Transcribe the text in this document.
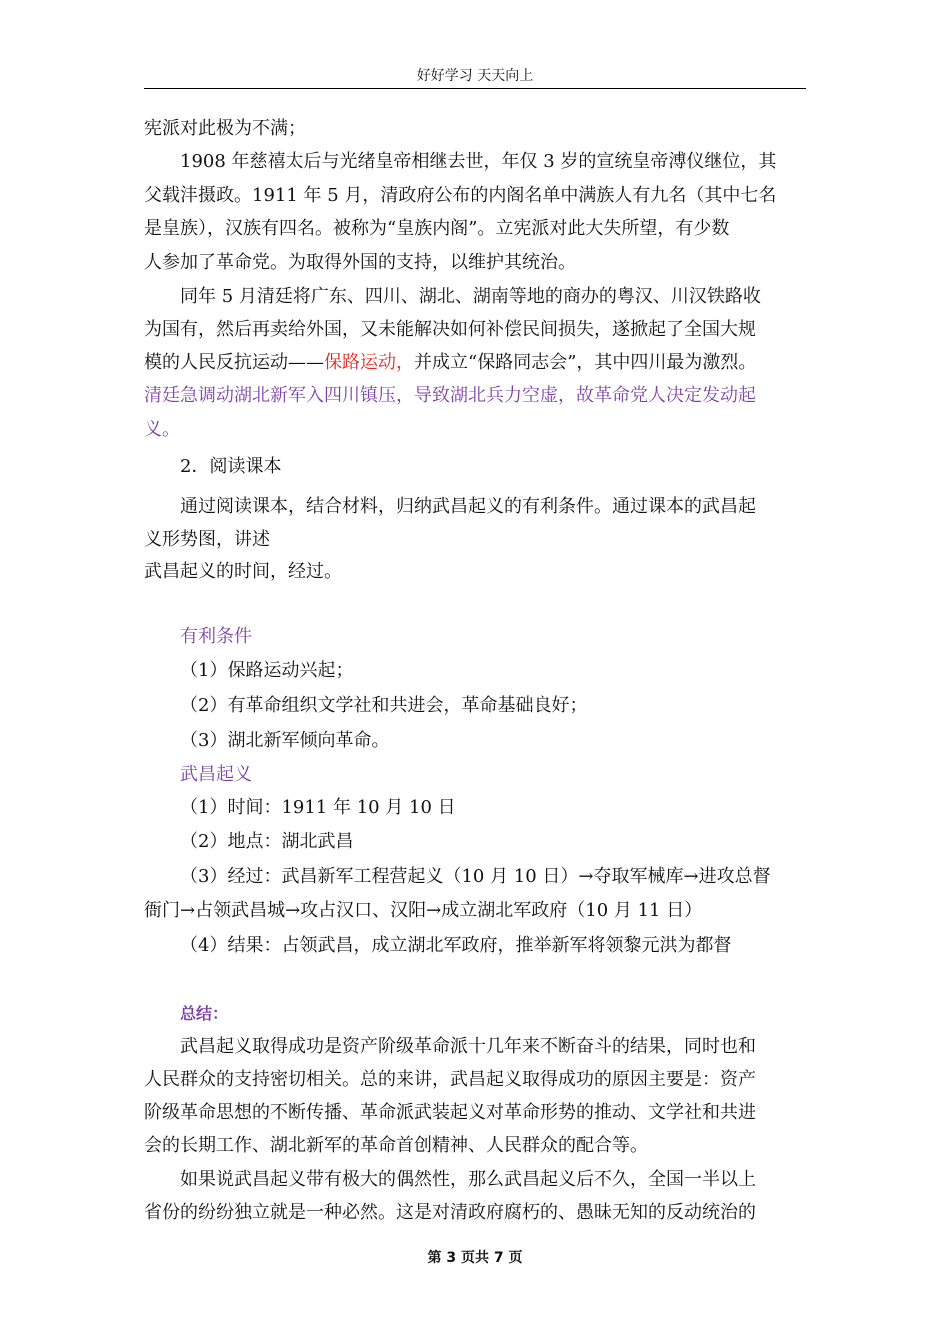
好好学习 天天向上
宪派对此极为不满；
1908 年慈禧太后与光绪皇帝相继去世，年仅 3 岁的宣统皇帝溥仪继位，其
父载沣摄政。1911 年 5 月，清政府公布的内阁名单中满族人有九名（其中七名
是皇族），汉族有四名。被称为“皇族内阁”。立宪派对此大失所望，有少数
人参加了革命党。为取得外国的支持，以维护其统治。
同年 5 月清廷将广东、四川、湖北、湖南等地的商办的粤汉、川汉铁路收
为国有，然后再卖给外国，又未能解决如何补偿民间损失，遂掀起了全国大规
模的人民反抗运动——保路运动，并成立“保路同志会”，其中四川最为激烈。
清廷急调动湖北新军入四川镇压，导致湖北兵力空虚，故革命党人决定发动起
义。
2．阅读课本
通过阅读课本，结合材料，归纳武昌起义的有利条件。通过课本的武昌起
义形势图，讲述
武昌起义的时间，经过。
有利条件
（1）保路运动兴起；
（2）有革命组织文学社和共进会，革命基础良好；
（3）湖北新军倾向革命。
武昌起义
（1）时间：1911 年 10 月 10 日
（2）地点：湖北武昌
（3）经过：武昌新军工程营起义（10 月 10 日）→夺取军械库→进攻总督
衙门→占领武昌城→攻占汉口、汉阳→成立湖北军政府（10 月 11 日）
（4）结果：占领武昌，成立湖北军政府，推举新军将领黎元洪为都督
总结：
武昌起义取得成功是资产阶级革命派十几年来不断奋斗的结果，同时也和
人民群众的支持密切相关。总的来讲，武昌起义取得成功的原因主要是：资产
阶级革命思想的不断传播、革命派武装起义对革命形势的推动、文学社和共进
会的长期工作、湖北新军的革命首创精神、人民群众的配合等。
如果说武昌起义带有极大的偶然性，那么武昌起义后不久，全国一半以上
省份的纷纷独立就是一种必然。这是对清政府腐朽的、愚昧无知的反动统治的
第 3 页共 7 页
